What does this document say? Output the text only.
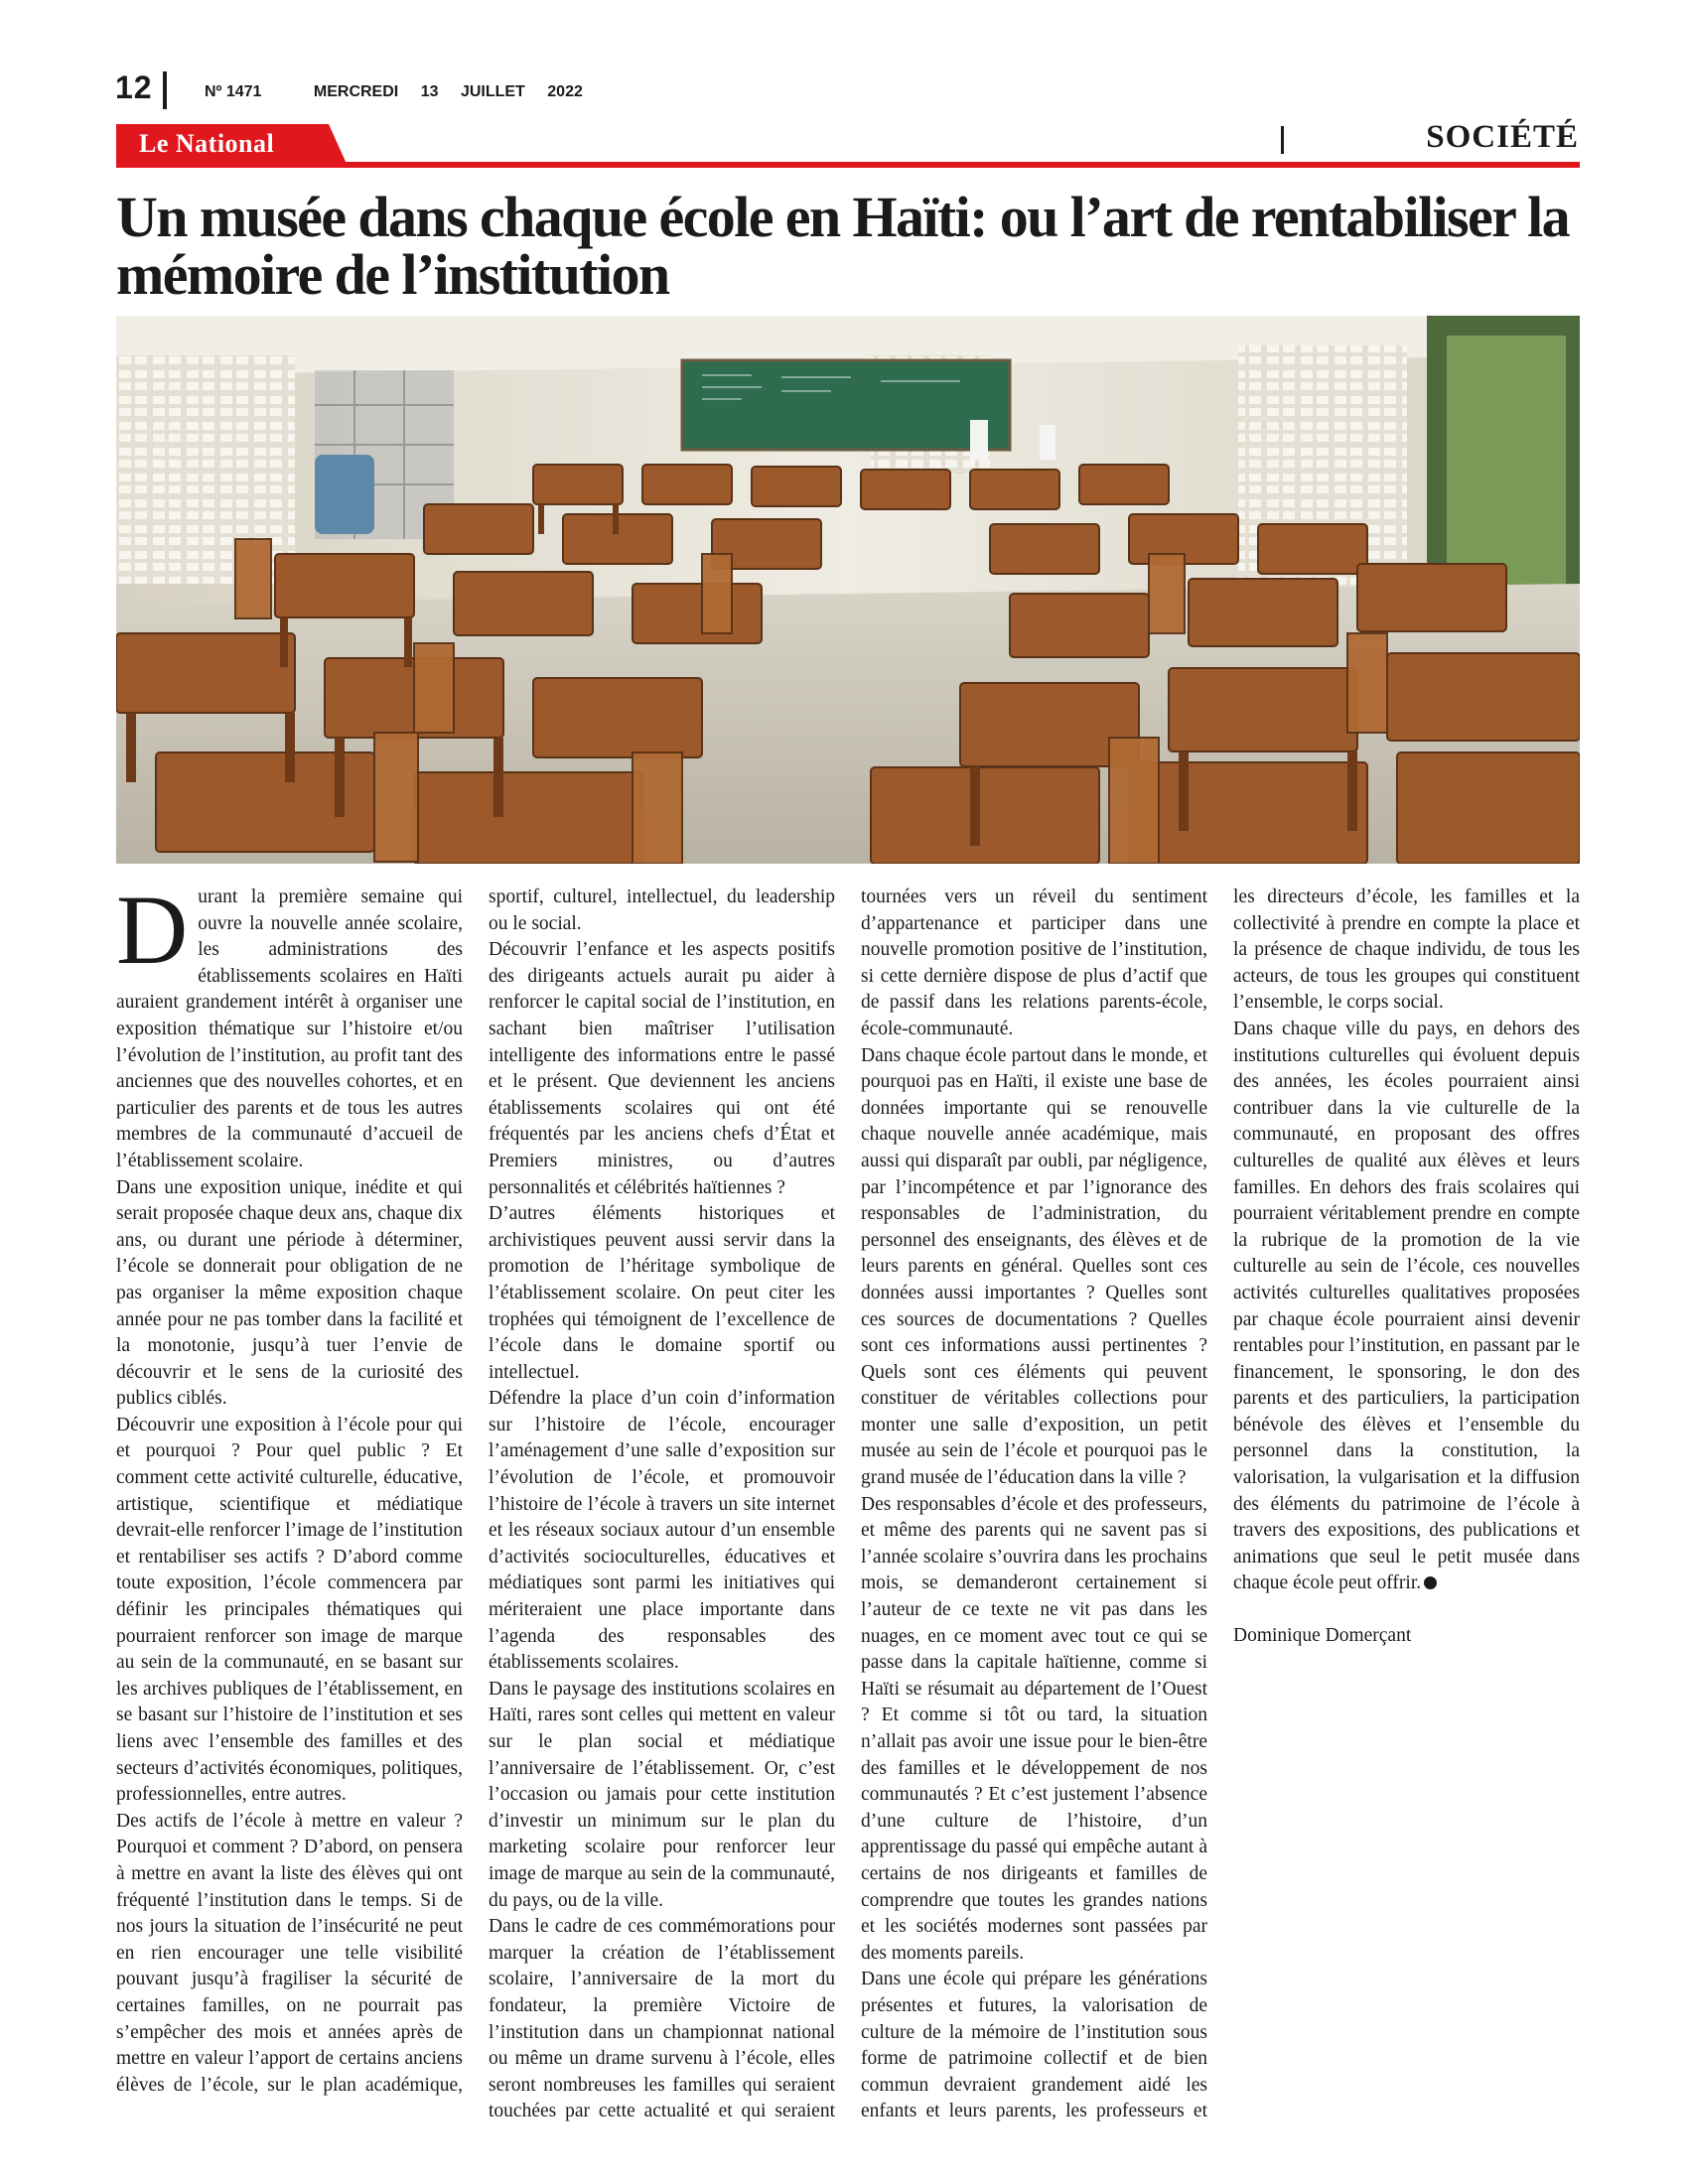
12	Nº 1471	MERCREDI 13 JUILLET 2022
Le National	SOCIÉTÉ
Un musée dans chaque école en Haïti: ou l’art de rentabiliser la mémoire de l’institution

Durant la première semaine qui ouvre la nouvelle année scolaire, les administrations des établissements scolaires en Haïti auraient grandement intérêt à organiser une exposition thématique sur l’histoire et/ou l’évolution de l’institution, au profit tant des anciennes que des nouvelles cohortes, et en particulier des parents et de tous les autres membres de la communauté d’accueil de l’établissement scolaire.

Dans une exposition unique, inédite et qui serait proposée chaque deux ans, chaque dix ans, ou durant une période à déterminer, l’école se donnerait pour obligation de ne pas organiser la même exposition chaque année pour ne pas tomber dans la facilité et la monotonie, jusqu’à tuer l’envie de découvrir et le sens de la curiosité des publics ciblés.

Découvrir une exposition à l’école pour qui et pourquoi ? Pour quel public ? Et comment cette activité culturelle, éducative, artistique, scientifique et médiatique devrait-elle renforcer l’image de l’institution et rentabiliser ses actifs ? D’abord comme toute exposition, l’école commencera par définir les principales thématiques qui pourraient renforcer son image de marque au sein de la communauté, en se basant sur les archives publiques de l’établissement, en se basant sur l’histoire de l’institution et ses liens avec l’ensemble des familles et des secteurs d’activités économiques, politiques, professionnelles, entre autres.

Des actifs de l’école à mettre en valeur ? Pourquoi et comment ? D’abord, on pensera à mettre en avant la liste des élèves qui ont fréquenté l’institution dans le temps. Si de nos jours la situation de l’insécurité ne peut en rien encourager une telle visibilité pouvant jusqu’à fragiliser la sécurité de certaines familles, on ne pourrait pas s’empêcher des mois et années après de mettre en valeur l’apport de certains anciens élèves de l’école, sur le plan académique, sportif, culturel, intellectuel, du leadership ou le social.

Découvrir l’enfance et les aspects positifs des dirigeants actuels aurait pu aider à renforcer le capital social de l’institution, en sachant bien maîtriser l’utilisation intelligente des informations entre le passé et le présent. Que deviennent les anciens établissements scolaires qui ont été fréquentés par les anciens chefs d’État et Premiers ministres, ou d’autres personnalités et célébrités haïtiennes ?

D’autres éléments historiques et archivistiques peuvent aussi servir dans la promotion de l’héritage symbolique de l’établissement scolaire. On peut citer les trophées qui témoignent de l’excellence de l’école dans le domaine sportif ou intellectuel.

Défendre la place d’un coin d’information sur l’histoire de l’école, encourager l’aménagement d’une salle d’exposition sur l’évolution de l’école, et promouvoir l’histoire de l’école à travers un site internet et les réseaux sociaux autour d’un ensemble d’activités socioculturelles, éducatives et médiatiques sont parmi les initiatives qui mériteraient une place importante dans l’agenda des responsables des établissements scolaires.

Dans le paysage des institutions scolaires en Haïti, rares sont celles qui mettent en valeur sur le plan social et médiatique l’anniversaire de l’établissement. Or, c’est l’occasion ou jamais pour cette institution d’investir un minimum sur le plan du marketing scolaire pour renforcer leur image de marque au sein de la communauté, du pays, ou de la ville.

Dans le cadre de ces commémorations pour marquer la création de l’établissement scolaire, l’anniversaire de la mort du fondateur, la première Victoire de l’institution dans un championnat national ou même un drame survenu à l’école, elles seront nombreuses les familles qui seraient touchées par cette actualité et qui seraient tournées vers un réveil du sentiment d’appartenance et participer dans une nouvelle promotion positive de l’institution, si cette dernière dispose de plus d’actif que de passif dans les relations parents-école, école-communauté.

Dans chaque école partout dans le monde, et pourquoi pas en Haïti, il existe une base de données importante qui se renouvelle chaque nouvelle année académique, mais aussi qui disparaît par oubli, par négligence, par l’incompétence et par l’ignorance des responsables de l’administration, du personnel des enseignants, des élèves et de leurs parents en général. Quelles sont ces données aussi importantes ? Quelles sont ces sources de documentations ? Quelles sont ces informations aussi pertinentes ? Quels sont ces éléments qui peuvent constituer de véritables collections pour monter une salle d’exposition, un petit musée au sein de l’école et pourquoi pas le grand musée de l’éducation dans la ville ?

Des responsables d’école et des professeurs, et même des parents qui ne savent pas si l’année scolaire s’ouvrira dans les prochains mois, se demanderont certainement si l’auteur de ce texte ne vit pas dans les nuages, en ce moment avec tout ce qui se passe dans la capitale haïtienne, comme si Haïti se résumait au département de l’Ouest ? Et comme si tôt ou tard, la situation n’allait pas avoir une issue pour le bien-être des familles et le développement de nos communautés ? Et c’est justement l’absence d’une culture de l’histoire, d’un apprentissage du passé qui empêche autant à certains de nos dirigeants et familles de comprendre que toutes les grandes nations et les sociétés modernes sont passées par des moments pareils.

Dans une école qui prépare les générations présentes et futures, la valorisation de culture de la mémoire de l’institution sous forme de patrimoine collectif et de bien commun devraient grandement aidé les enfants et leurs parents, les professeurs et les directeurs d’école, les familles et la collectivité à prendre en compte la place et la présence de chaque individu, de tous les acteurs, de tous les groupes qui constituent l’ensemble, le corps social.

Dans chaque ville du pays, en dehors des institutions culturelles qui évoluent depuis des années, les écoles pourraient ainsi contribuer dans la vie culturelle de la communauté, en proposant des offres culturelles de qualité aux élèves et leurs familles. En dehors des frais scolaires qui pourraient véritablement prendre en compte la rubrique de la promotion de la vie culturelle au sein de l’école, ces nouvelles activités culturelles qualitatives proposées par chaque école pourraient ainsi devenir rentables pour l’institution, en passant par le financement, le sponsoring, le don des parents et des particuliers, la participation bénévole des élèves et l’ensemble du personnel dans la constitution, la valorisation, la vulgarisation et la diffusion des éléments du patrimoine de l’école à travers des expositions, des publications et animations que seul le petit musée dans chaque école peut offrir.

Dominique Domerçant
